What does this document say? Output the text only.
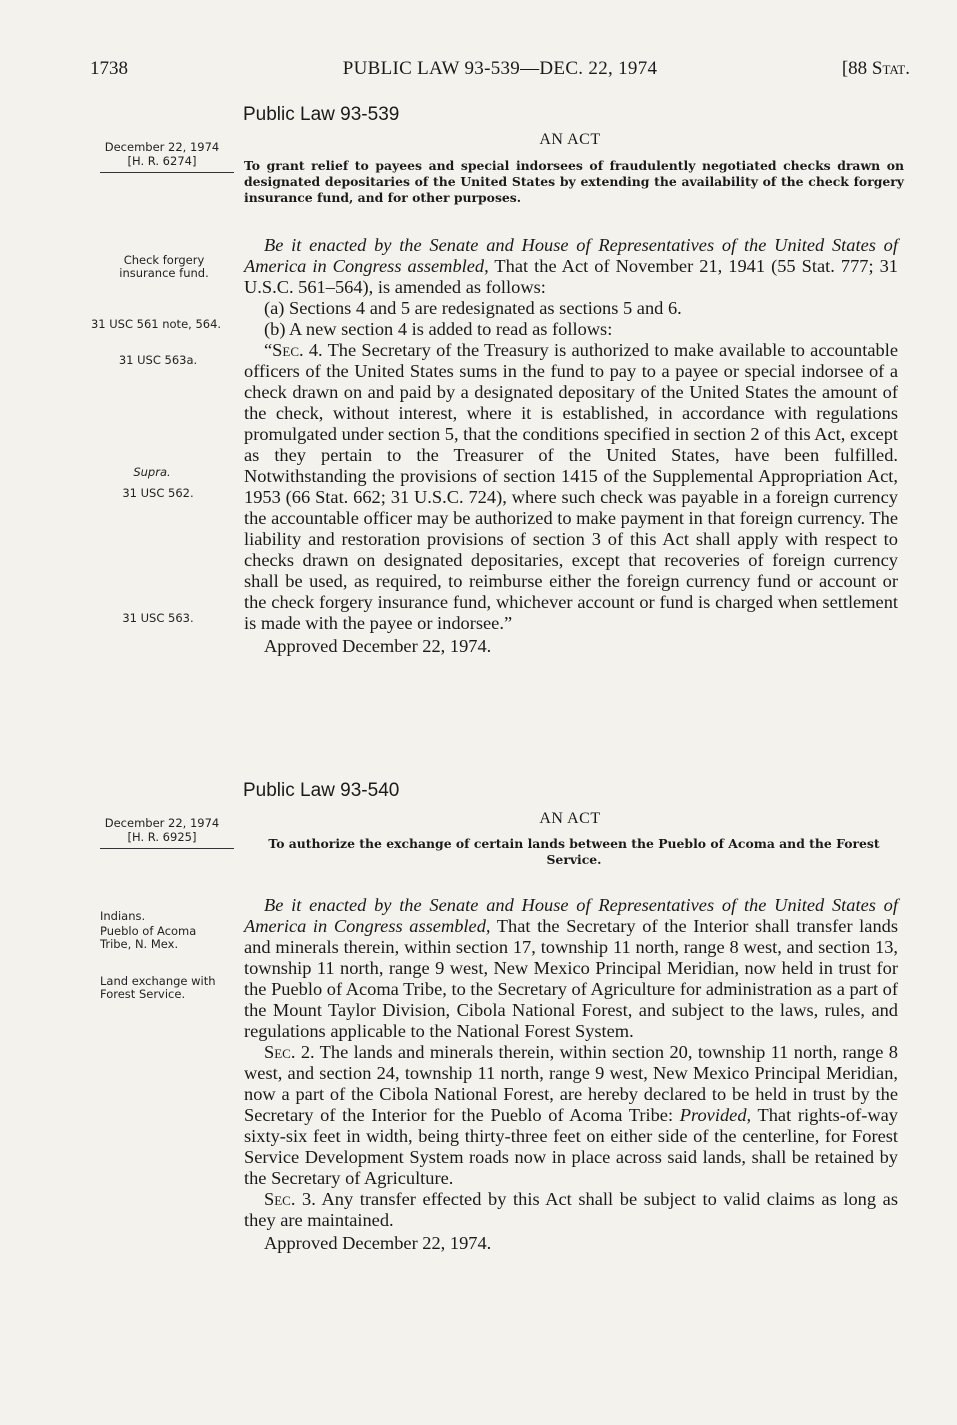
1738	PUBLIC LAW 93-539—DEC. 22, 1974	[88 Stat.
Public Law 93-539
December 22, 1974
[H. R. 6274]
AN ACT
To grant relief to payees and special indorsees of fraudulently negotiated checks drawn on designated depositaries of the United States by extending the availability of the check forgery insurance fund, and for other purposes.
Check forgery insurance fund.
31 USC 561 note, 564.
31 USC 563a.
Supra.
31 USC 562.
31 USC 563.

Be it enacted by the Senate and House of Representatives of the United States of America in Congress assembled, That the Act of November 21, 1941 (55 Stat. 777; 31 U.S.C. 561–564), is amended as follows:

(a) Sections 4 and 5 are redesignated as sections 5 and 6.

(b) A new section 4 is added to read as follows:

“Sec. 4. The Secretary of the Treasury is authorized to make available to accountable officers of the United States sums in the fund to pay to a payee or special indorsee of a check drawn on and paid by a designated depositary of the United States the amount of the check, without interest, where it is established, in accordance with regulations promulgated under section 5, that the conditions specified in section 2 of this Act, except as they pertain to the Treasurer of the United States, have been fulfilled. Notwithstanding the provisions of section 1415 of the Supplemental Appropriation Act, 1953 (66 Stat. 662; 31 U.S.C. 724), where such check was payable in a foreign currency the accountable officer may be authorized to make payment in that foreign currency. The liability and restoration provisions of section 3 of this Act shall apply with respect to checks drawn on designated depositaries, except that recoveries of foreign currency shall be used, as required, to reimburse either the foreign currency fund or account or the check forgery insurance fund, whichever account or fund is charged when settlement is made with the payee or indorsee.”

Approved December 22, 1974.

Public Law 93-540
December 22, 1974
[H. R. 6925]
AN ACT
To authorize the exchange of certain lands between the Pueblo of Acoma and the Forest Service.
Indians.
Pueblo of Acoma Tribe, N. Mex.
Land exchange with Forest Service.

Be it enacted by the Senate and House of Representatives of the United States of America in Congress assembled, That the Secretary of the Interior shall transfer lands and minerals therein, within section 17, township 11 north, range 8 west, and section 13, township 11 north, range 9 west, New Mexico Principal Meridian, now held in trust for the Pueblo of Acoma Tribe, to the Secretary of Agriculture for administration as a part of the Mount Taylor Division, Cibola National Forest, and subject to the laws, rules, and regulations applicable to the National Forest System.

Sec. 2. The lands and minerals therein, within section 20, township 11 north, range 8 west, and section 24, township 11 north, range 9 west, New Mexico Principal Meridian, now a part of the Cibola National Forest, are hereby declared to be held in trust by the Secretary of the Interior for the Pueblo of Acoma Tribe: Provided, That rights-of-way sixty-six feet in width, being thirty-three feet on either side of the centerline, for Forest Service Development System roads now in place across said lands, shall be retained by the Secretary of Agriculture.

Sec. 3. Any transfer effected by this Act shall be subject to valid claims as long as they are maintained.

Approved December 22, 1974.
